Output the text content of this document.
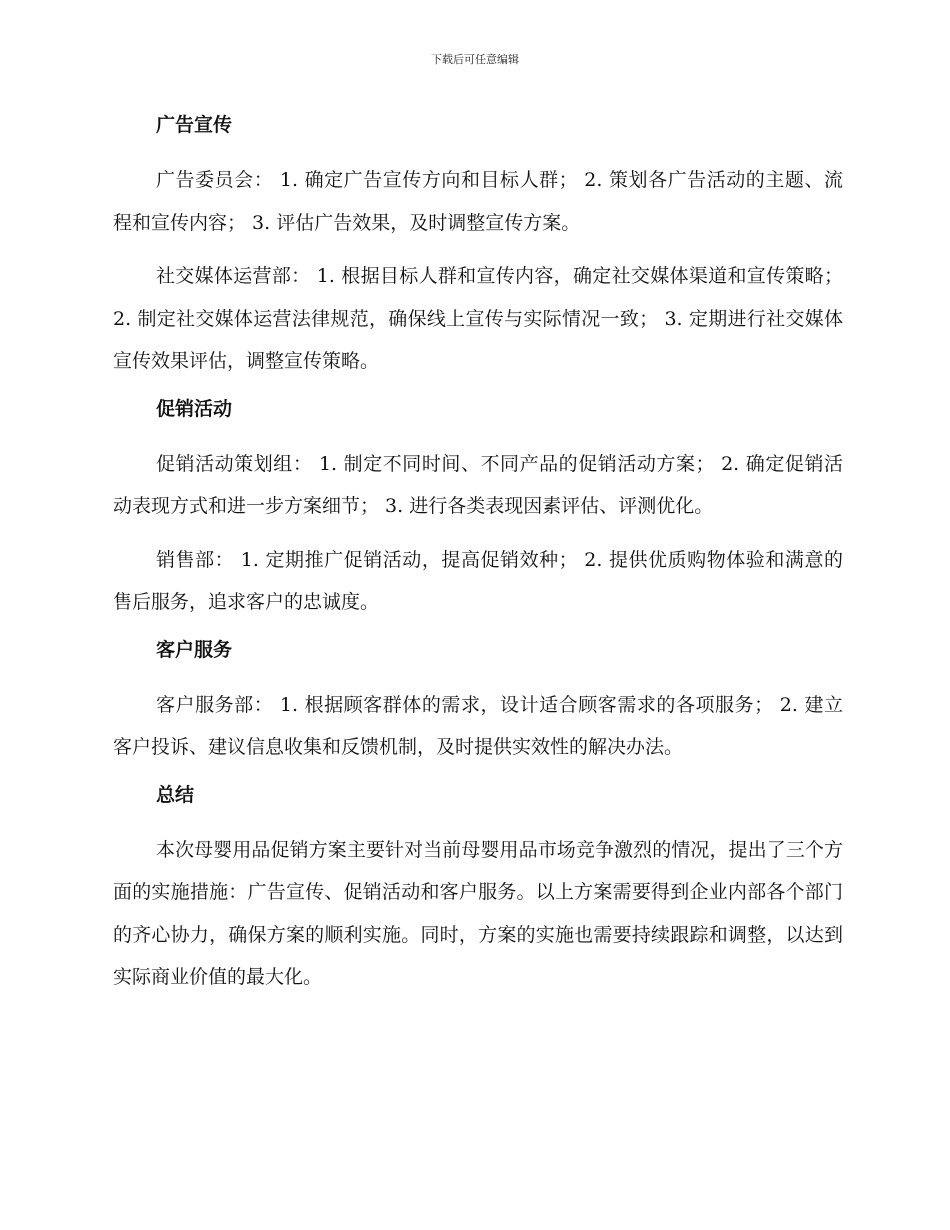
下载后可任意编辑
广告宣传

广告委员会： 1. 确定广告宣传方向和目标人群； 2. 策划各广告活动的主题、流程和宣传内容； 3. 评估广告效果，及时调整宣传方案。

社交媒体运营部： 1. 根据目标人群和宣传内容，确定社交媒体渠道和宣传策略； 2. 制定社交媒体运营法律规范，确保线上宣传与实际情况一致； 3. 定期进行社交媒体宣传效果评估，调整宣传策略。

促销活动

促销活动策划组： 1. 制定不同时间、不同产品的促销活动方案； 2. 确定促销活动表现方式和进一步方案细节； 3. 进行各类表现因素评估、评测优化。

销售部： 1. 定期推广促销活动，提高促销效种； 2. 提供优质购物体验和满意的售后服务，追求客户的忠诚度。

客户服务

客户服务部： 1. 根据顾客群体的需求，设计适合顾客需求的各项服务； 2. 建立客户投诉、建议信息收集和反馈机制，及时提供实效性的解决办法。

总结

本次母婴用品促销方案主要针对当前母婴用品市场竞争激烈的情况，提出了三个方面的实施措施：广告宣传、促销活动和客户服务。以上方案需要得到企业内部各个部门的齐心协力，确保方案的顺利实施。同时，方案的实施也需要持续跟踪和调整，以达到实际商业价值的最大化。
